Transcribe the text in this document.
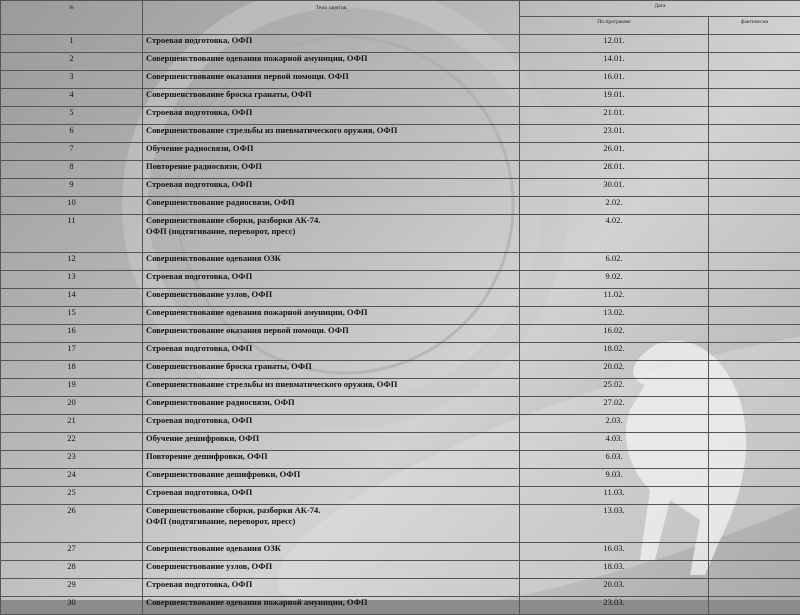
№	Тема занятия	Дата	
		По программе	фактически
1	Строевая подготовка, ОФП	12.01.	
2	Совершенствование одевания пожарной амуниции, ОФП	14.01.	
3	Совершенствование оказания первой помощи. ОФП	16.01.	
4	Совершенствование броска гранаты, ОФП	19.01.	
5	Строевая подготовка, ОФП	21.01.	
6	Совершенствование стрельбы из пневматического оружия, ОФП	23.01.	
7	Обучение радиосвязи, ОФП	26.01.	
8	Повторение радиосвязи, ОФП	28.01.	
9	Строевая подготовка, ОФП	30.01.	
10	Совершенствование радиосвязи, ОФП	2.02.	
11	Совершенствование сборки, разборки АК-74.
ОФП (подтягивание, переворот, пресс)	4.02.	
12	Совершенствование одевания ОЗК	6.02.	
13	Строевая подготовка, ОФП	9.02.	
14	Совершенствование узлов, ОФП	11.02.	
15	Совершенствование одевания пожарной амуниции, ОФП	13.02.	
16	Совершенствование оказания первой помощи. ОФП	16.02.	
17	Строевая подготовка, ОФП	18.02.	
18	Совершенствование броска гранаты, ОФП	20.02.	
19	Совершенствование стрельбы из пневматического оружия, ОФП	25.02.	
20	Совершенствование радиосвязи, ОФП	27.02.	
21	Строевая подготовка, ОФП	2.03.	
22	Обучение дешифровки, ОФП	4.03.	
23	Повторение дешифровки, ОФП	6.03.	
24	Совершенствование дешифровки, ОФП	9.03.	
25	Строевая подготовка, ОФП	11.03.	
26	Совершенствование сборки, разборки АК-74.
ОФП (подтягивание, переворот, пресс)	13.03.	
27	Совершенствование одевания ОЗК	16.03.	
28	Совершенствование узлов, ОФП	18.03.	
29	Строевая подготовка, ОФП	20.03.	
30	Совершенствование одевания пожарной амуниции, ОФП	23.03.	
